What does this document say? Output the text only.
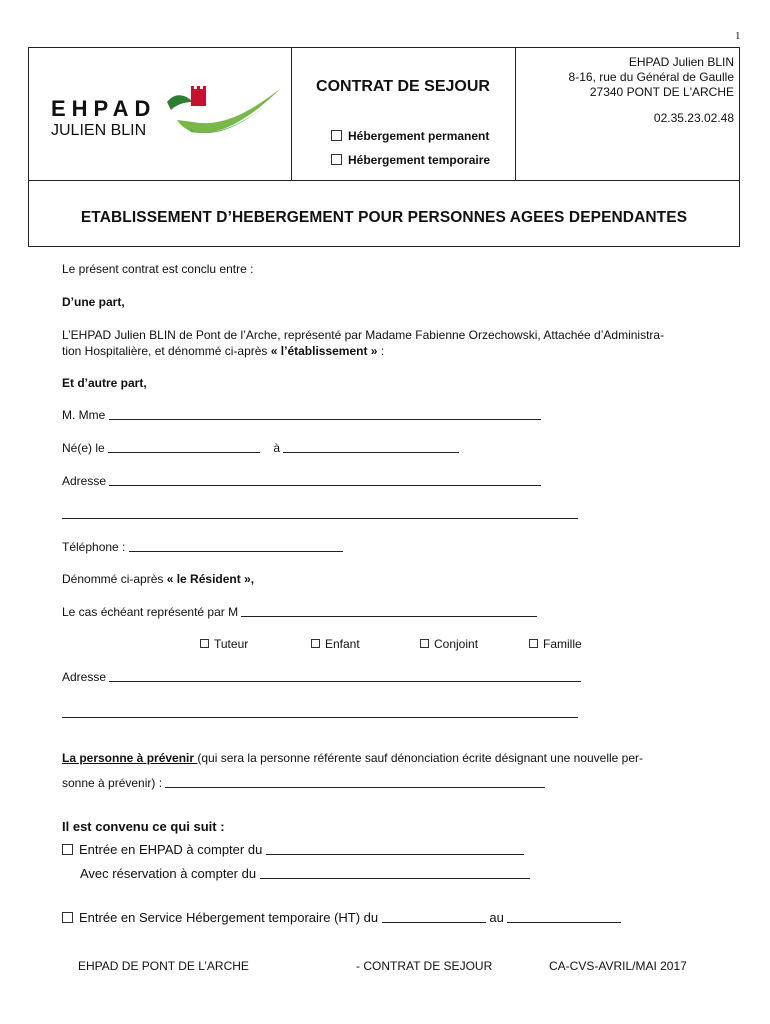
1
EHPAD
JULIEN BLIN
CONTRAT DE SEJOUR
Hébergement permanent
Hébergement temporaire
EHPAD Julien BLIN
8-16, rue du Général de Gaulle
27340 PONT DE L'ARCHE
02.35.23.02.48
ETABLISSEMENT D’HEBERGEMENT POUR PERSONNES AGEES DEPENDANTES
Le présent contrat est conclu entre :
D’une part,
L’EHPAD Julien BLIN de Pont de l’Arche, représenté par Madame Fabienne Orzechowski, Attachée d’Administra-
tion Hospitalière, et dénommé ci-après « l’établissement » :
Et d’autre part,
M. Mme
Né(e) le	à
Adresse
Téléphone :
Dénommé ci-après « le Résident »,
Le cas échéant représenté par M
Tuteur	Enfant	Conjoint	Famille
Adresse
La personne à prévenir (qui sera la personne référente sauf dénonciation écrite désignant une nouvelle per-
sonne à prévenir) :
Il est convenu ce qui suit :
Entrée en EHPAD à compter du
Avec réservation à compter du
Entrée en Service Hébergement temporaire (HT) du	au
EHPAD DE PONT DE L’ARCHE	- CONTRAT DE SEJOUR	CA-CVS-AVRIL/MAI 2017
